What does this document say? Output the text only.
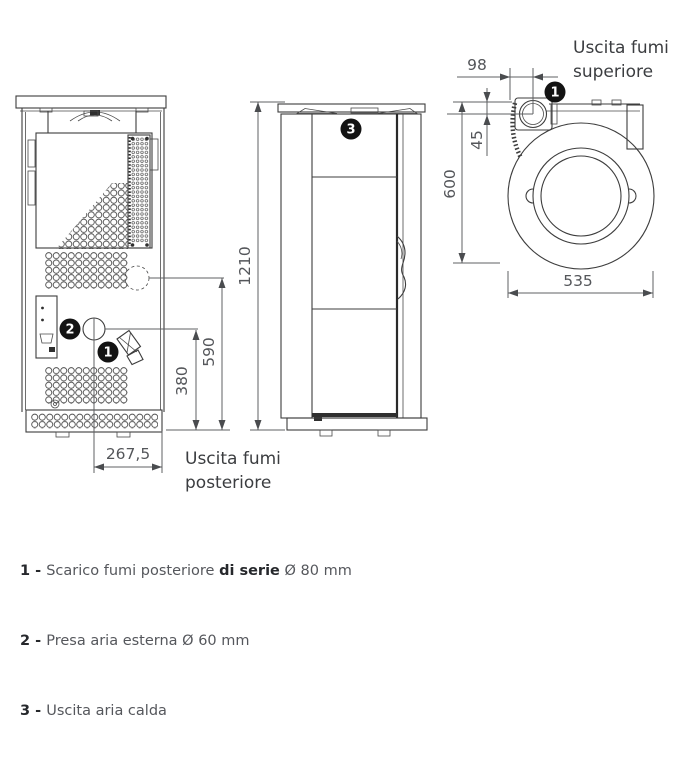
2
1
380
590
267,5 Uscita fumi
posteriore
3
1210
1
98
45
600
535
Uscita fumi
superiore

1 - Scarico fumi posteriore di serie Ø 80 mm

2 - Presa aria esterna Ø 60 mm

3 - Uscita aria calda
